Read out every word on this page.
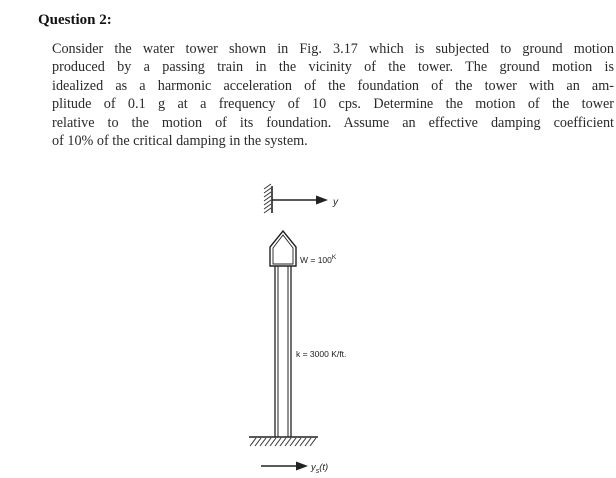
Question 2:
Consider the water tower shown in Fig. 3.17 which is subjected to ground motion
produced by a passing train in the vicinity of the tower. The ground motion is
idealized as a harmonic acceleration of the foundation of the tower with an am-
plitude of 0.1 g at a frequency of 10 cps. Determine the motion of the tower
relative to the motion of its foundation. Assume an effective damping coefficient
of 10% of the critical damping in the system.
y
$W = 100^K$
k = 3000 K/ft.
$y_s(t)$
